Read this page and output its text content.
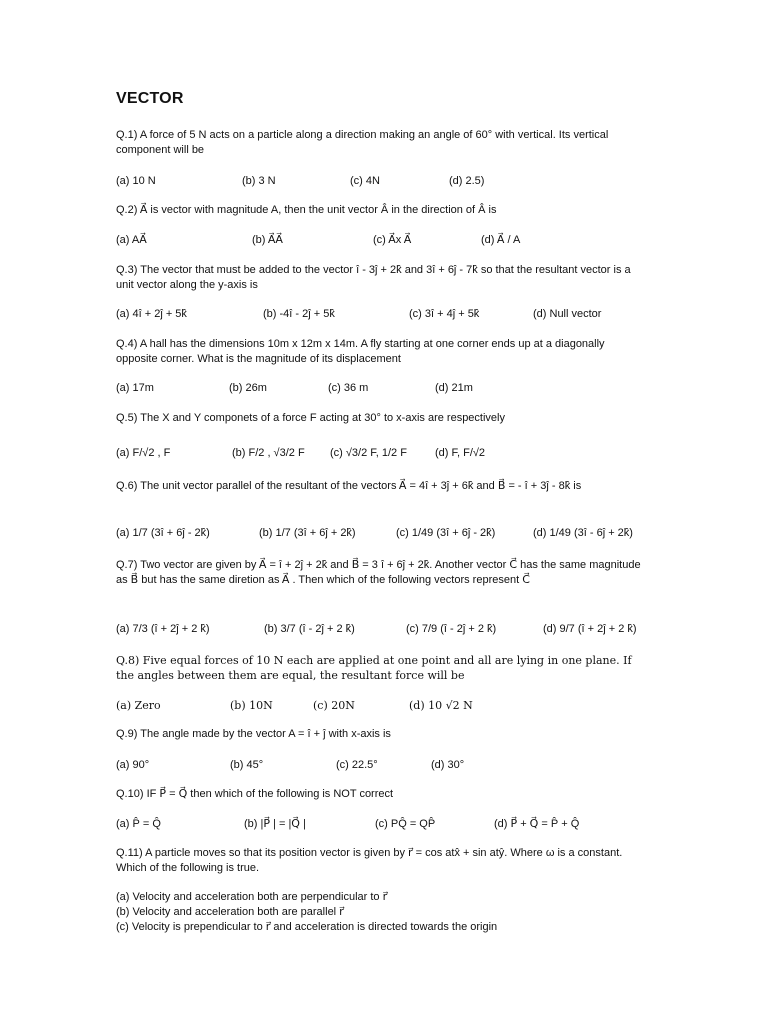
VECTOR

Q.1) A force of 5 N acts on a particle along a direction making an angle of 60° with vertical. Its vertical component will be

(a) 10 N	(b) 3 N	(c) 4N	(d) 2.5)

Q.2) A⃗ is vector with magnitude A, then the unit vector Â in the direction of Â is

(a) AA⃗	(b) A⃗A⃗	(c) A⃗x A⃗	(d) A⃗ / A

Q.3) The vector that must be added to the vector î - 3ĵ + 2k̂ and 3î + 6ĵ - 7k̂ so that the resultant vector is a unit vector along the y-axis is

(a) 4î + 2ĵ + 5k̂	(b) -4î - 2ĵ + 5k̂	(c) 3î + 4ĵ + 5k̂	(d) Null vector

Q.4) A hall has the dimensions 10m x 12m x 14m. A fly starting at one corner ends up at a diagonally opposite corner. What is the magnitude of its displacement

(a) 17m	(b) 26m	(c) 36 m	(d) 21m

Q.5) The X and Y componets of a force F acting at 30° to x-axis are respectively

(a) F/√2 , F	(b) F/2 , √3/2 F (c) √3/2 F, 1/2 F	(d) F, F/√2

Q.6) The unit vector parallel of the resultant of the vectors A⃗ = 4î + 3ĵ + 6k̂ and B⃗ = - î + 3ĵ - 8k̂ is

(a) 1/7 (3î + 6ĵ - 2k̂)	(b) 1/7 (3î + 6ĵ + 2k̂)	(c) 1/49 (3î + 6ĵ - 2k̂)	(d) 1/49 (3î - 6ĵ + 2k̂)

Q.7) Two vector are given by A⃗ = î + 2ĵ + 2k̂ and B⃗ = 3 î + 6ĵ + 2k̂. Another vector C⃗ has the same magnitude as B⃗ but has the same diretion as A⃗ . Then which of the following vectors represent C⃗

(a) 7/3 (î + 2ĵ + 2 k̂)	(b) 3/7 (î - 2ĵ + 2 k̂)	(c) 7/9 (î - 2ĵ + 2 k̂)	(d) 9/7 (î + 2ĵ + 2 k̂)

Q.8) Five equal forces of 10 N each are applied at one point and all are lying in one plane. If the angles between them are equal, the resultant force will be

(a) Zero	(b) 10N	(c) 20N	(d) 10 √2 N

Q.9) The angle made by the vector A = î + ĵ with x-axis is

(a) 90°	(b) 45°	(c) 22.5°	(d) 30°

Q.10) IF P⃗ = Q⃗ then which of the following is NOT correct

(a) P̂ = Q̂	(b) |P⃗ | = |Q⃗ |	(c) PQ̂ = QP̂	(d) P⃗ + Q⃗ = P̂ + Q̂

Q.11) A particle moves so that its position vector is given by r⃗ = cos atx̂ + sin atŷ. Where ω is a constant. Which of the following is true.

(a) Velocity and acceleration both are perpendicular to r⃗
(b) Velocity and acceleration both are parallel r⃗
(c) Velocity is prependicular to r⃗ and acceleration is directed towards the origin
